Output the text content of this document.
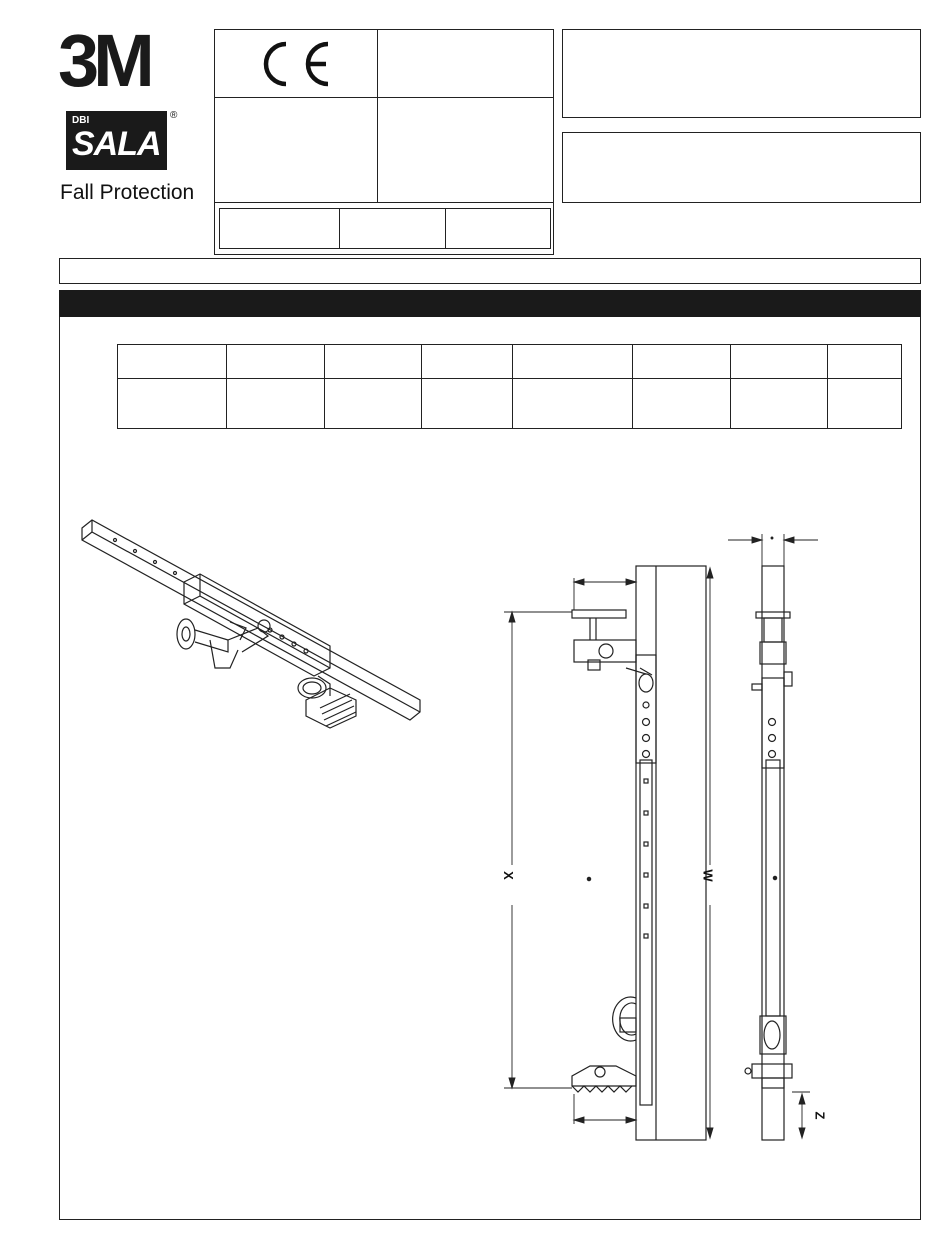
3M
DBI
SALA
®
Fall Protection

X	W
Z
